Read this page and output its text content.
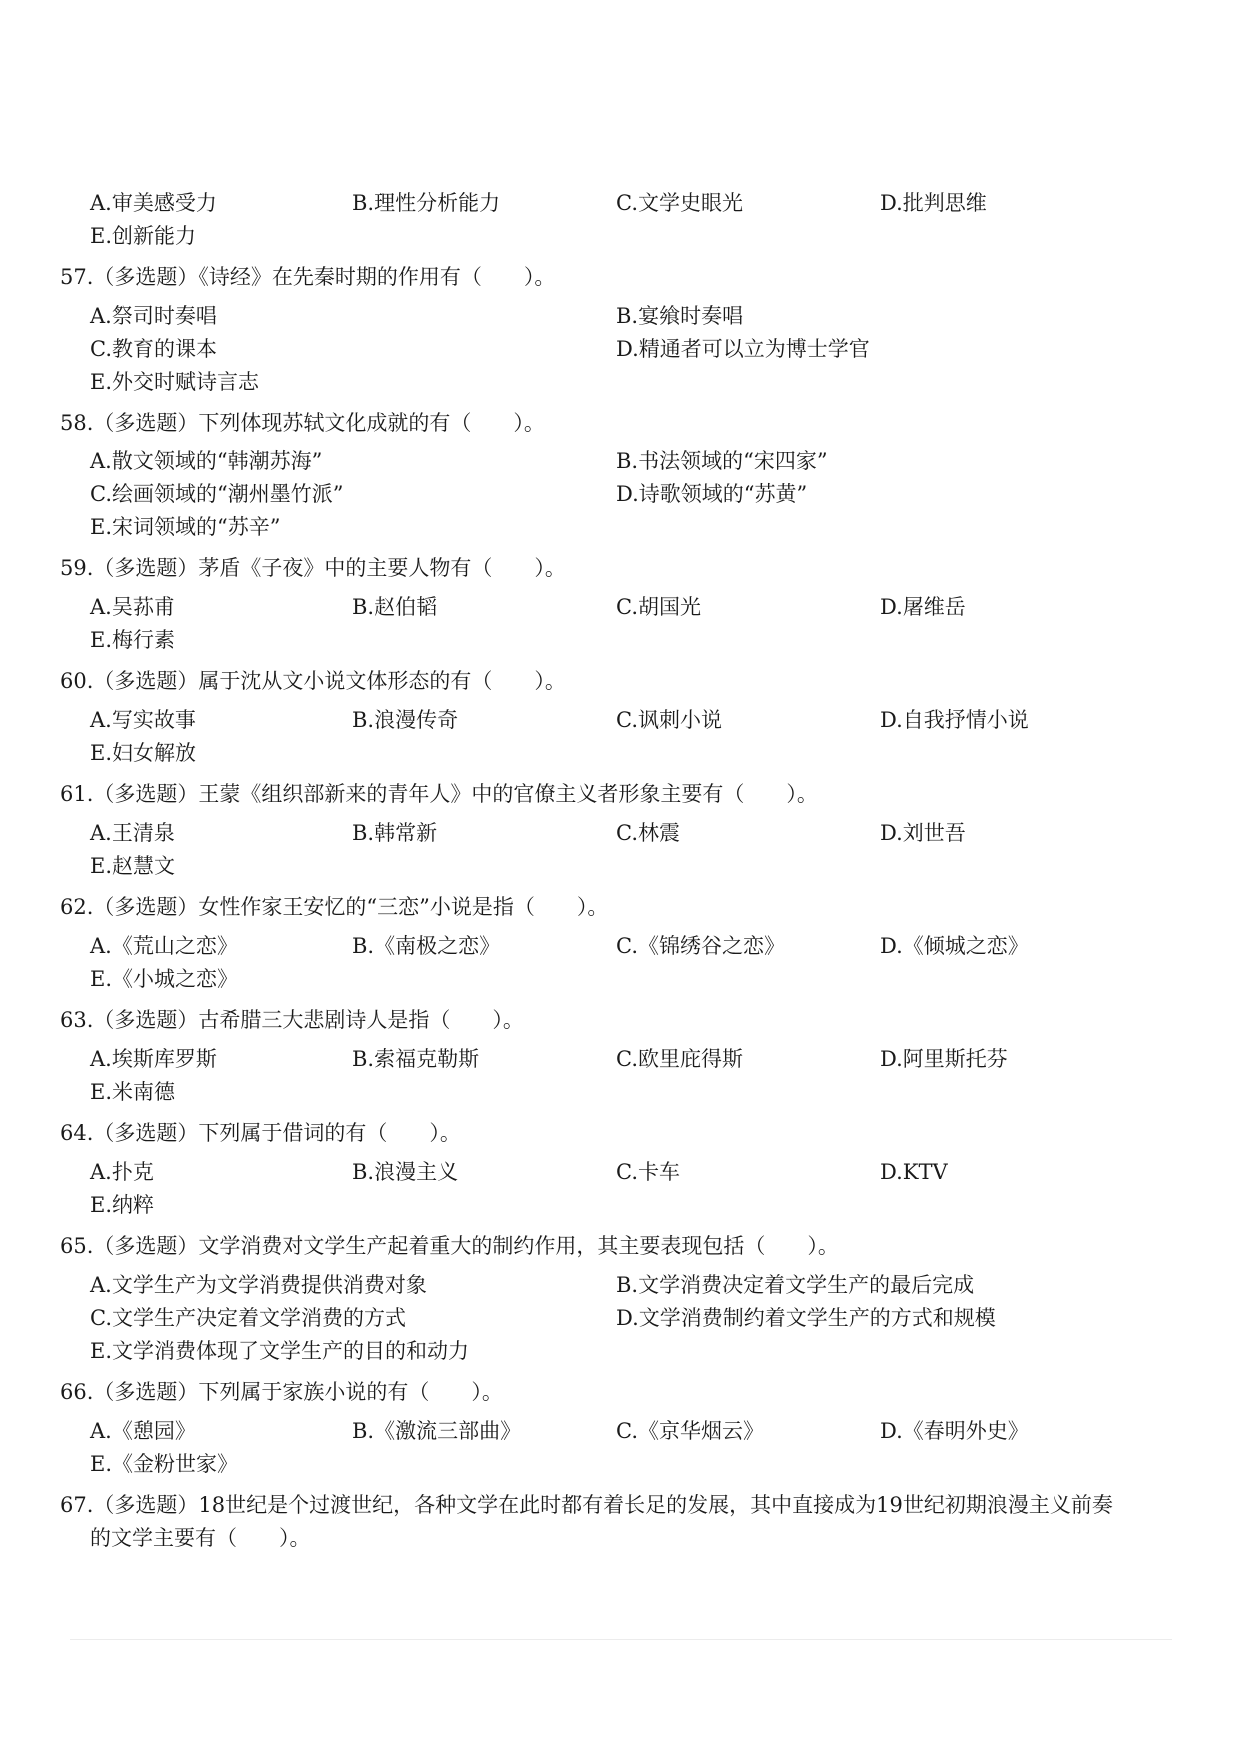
A.审美感受力	B.理性分析能力	C.文学史眼光	D.批判思维
E.创新能力
57.（多选题）《诗经》在先秦时期的作用有（　　）。
A.祭司时奏唱	B.宴飨时奏唱
C.教育的课本	D.精通者可以立为博士学官
E.外交时赋诗言志
58.（多选题）下列体现苏轼文化成就的有（　　）。
A.散文领域的“韩潮苏海”	B.书法领域的“宋四家”
C.绘画领域的“潮州墨竹派”	D.诗歌领域的“苏黄”
E.宋词领域的“苏辛”
59.（多选题）茅盾《子夜》中的主要人物有（　　）。
A.吴荪甫	B.赵伯韬	C.胡国光	D.屠维岳
E.梅行素
60.（多选题）属于沈从文小说文体形态的有（　　）。
A.写实故事	B.浪漫传奇	C.讽刺小说	D.自我抒情小说
E.妇女解放
61.（多选题）王蒙《组织部新来的青年人》中的官僚主义者形象主要有（　　）。
A.王清泉	B.韩常新	C.林震	D.刘世吾
E.赵慧文
62.（多选题）女性作家王安忆的“三恋”小说是指（　　）。
A.《荒山之恋》	B.《南极之恋》	C.《锦绣谷之恋》	D.《倾城之恋》
E.《小城之恋》
63.（多选题）古希腊三大悲剧诗人是指（　　）。
A.埃斯库罗斯	B.索福克勒斯	C.欧里庇得斯	D.阿里斯托芬
E.米南德
64.（多选题）下列属于借词的有（　　）。
A.扑克	B.浪漫主义	C.卡车	D.KTV
E.纳粹
65.（多选题）文学消费对文学生产起着重大的制约作用，其主要表现包括（　　）。
A.文学生产为文学消费提供消费对象	B.文学消费决定着文学生产的最后完成
C.文学生产决定着文学消费的方式	D.文学消费制约着文学生产的方式和规模
E.文学消费体现了文学生产的目的和动力
66.（多选题）下列属于家族小说的有（　　）。
A.《憩园》	B.《激流三部曲》	C.《京华烟云》	D.《春明外史》
E.《金粉世家》
67.（多选题）18世纪是个过渡世纪，各种文学在此时都有着长足的发展，其中直接成为19世纪初期浪漫主义前奏
的文学主要有（　　）。
